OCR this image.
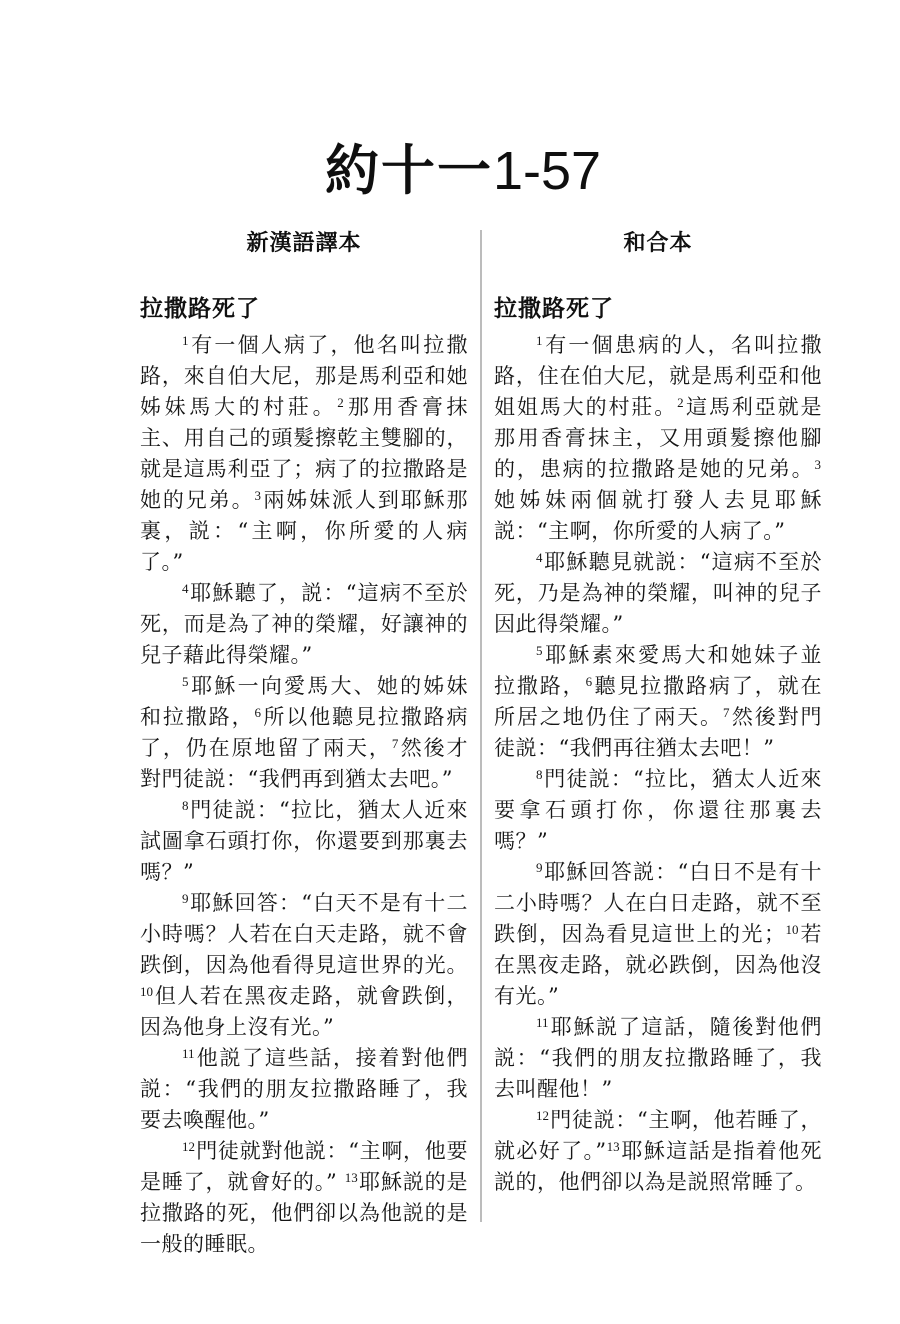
約十一1-57
新漢語譯本
拉撒路死了

$^1$有一個人病了，他名叫拉撒路，來自伯大尼，那是馬利亞和她姊妹馬大的村莊。$^2$那用香膏抹主、用自己的頭髮擦乾主雙腳的，就是這馬利亞了；病了的拉撒路是她的兄弟。$^3$兩姊妹派人到耶穌那裏，説：“主啊，你所愛的人病了。”

$^4$耶穌聽了，説：“這病不至於死，而是為了神的榮耀，好讓神的兒子藉此得榮耀。”

$^5$耶穌一向愛馬大、她的姊妹和拉撒路，$^6$所以他聽見拉撒路病了，仍在原地留了兩天，$^7$然後才對門徒説：“我們再到猶太去吧。”

$^8$門徒説：“拉比，猶太人近來試圖拿石頭打你，你還要到那裏去嗎？”

$^9$耶穌回答：“白天不是有十二小時嗎？人若在白天走路，就不會跌倒，因為他看得見這世界的光。$^{10}$但人若在黑夜走路，就會跌倒，因為他身上沒有光。”

$^{11}$他説了這些話，接着對他們説：“我們的朋友拉撒路睡了，我要去喚醒他。”

$^{12}$門徒就對他説：“主啊，他要是睡了，就會好的。” $^{13}$耶穌説的是拉撒路的死，他們卻以為他説的是一般的睡眠。

和合本
拉撒路死了

$^1$有一個患病的人，名叫拉撒路，住在伯大尼，就是馬利亞和他姐姐馬大的村莊。$^2$這馬利亞就是那用香膏抹主，又用頭髮擦他腳的，患病的拉撒路是她的兄弟。$^3$她姊妹兩個就打發人去見耶穌説：“主啊，你所愛的人病了。”

$^4$耶穌聽見就説：“這病不至於死，乃是為神的榮耀，叫神的兒子因此得榮耀。”

$^5$耶穌素來愛馬大和她妹子並拉撒路，$^6$聽見拉撒路病了，就在所居之地仍住了兩天。$^7$然後對門徒説：“我們再往猶太去吧！”

$^8$門徒説：“拉比，猶太人近來要拿石頭打你，你還往那裏去嗎？”

$^9$耶穌回答説：“白日不是有十二小時嗎？人在白日走路，就不至跌倒，因為看見這世上的光；$^{10}$若在黑夜走路，就必跌倒，因為他沒有光。”

$^{11}$耶穌説了這話，隨後對他們説：“我們的朋友拉撒路睡了，我去叫醒他！”

$^{12}$門徒説：“主啊，他若睡了，就必好了。”$^{13}$耶穌這話是指着他死説的，他們卻以為是説照常睡了。
